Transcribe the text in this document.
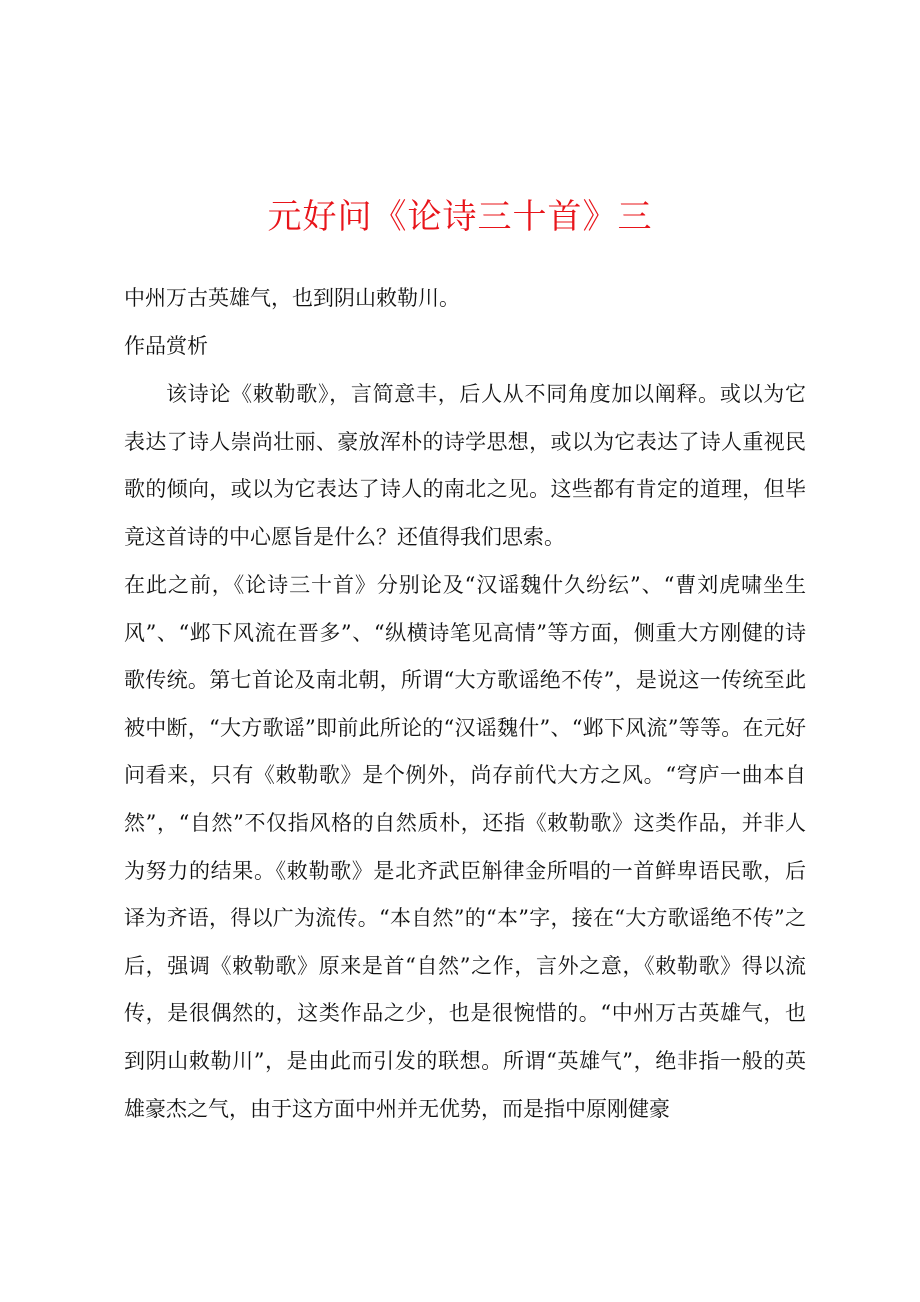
元好问《论诗三十首》三
中州万古英雄气，也到阴山敕勒川。
作品赏析

该诗论《敕勒歌》，言简意丰，后人从不同角度加以阐释。或以为它表达了诗人崇尚壮丽、豪放浑朴的诗学思想，或以为它表达了诗人重视民歌的倾向，或以为它表达了诗人的南北之见。这些都有肯定的道理，但毕竟这首诗的中心愿旨是什么？还值得我们思索。

在此之前，《论诗三十首》分别论及“汉谣魏什久纷纭”、“曹刘虎啸坐生风”、“邺下风流在晋多”、“纵横诗笔见高情”等方面，侧重大方刚健的诗歌传统。第七首论及南北朝，所谓“大方歌谣绝不传”，是说这一传统至此被中断，“大方歌谣”即前此所论的“汉谣魏什”、“邺下风流”等等。在元好问看来，只有《敕勒歌》是个例外，尚存前代大方之风。“穹庐一曲本自然”，“自然”不仅指风格的自然质朴，还指《敕勒歌》这类作品，并非人为努力的结果。《敕勒歌》是北齐武臣斛律金所唱的一首鲜卑语民歌，后译为齐语，得以广为流传。“本自然”的“本”字，接在“大方歌谣绝不传”之后，强调《敕勒歌》原来是首“自然”之作，言外之意，《敕勒歌》得以流传，是很偶然的，这类作品之少，也是很惋惜的。“中州万古英雄气，也到阴山敕勒川”，是由此而引发的联想。所谓“英雄气”，绝非指一般的英雄豪杰之气，由于这方面中州并无优势，而是指中原刚健豪
